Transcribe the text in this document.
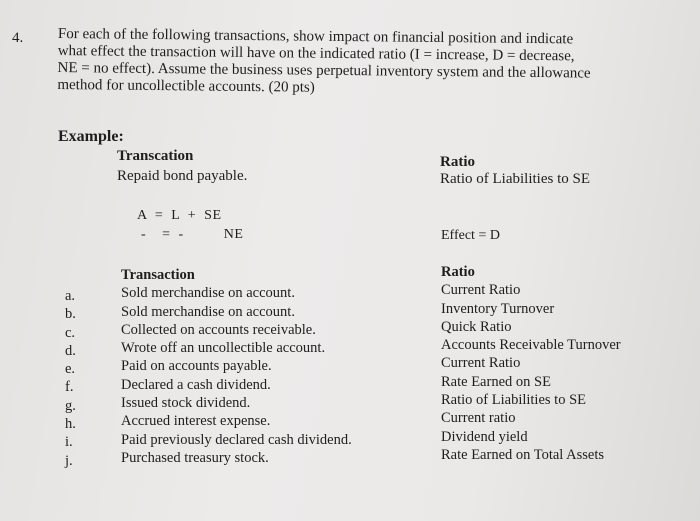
4. For each of the following transactions, show impact on financial position and indicate
what effect the transaction will have on the indicated ratio (I = increase, D = decrease,
NE = no effect). Assume the business uses perpetual inventory system and the allowance
method for uncollectible accounts. (20 pts)
Example:
Transcation
Repaid bond payable.
Ratio
Ratio of Liabilities to SE
A  =  L  +  SE
-    =  -          NE	Effect = D
a.
b.
c.
d.
e.
f.
g.
h.
i.
j.
Transaction
Sold merchandise on account.
Sold merchandise on account.
Collected on accounts receivable.
Wrote off an uncollectible account.
Paid on accounts payable.
Declared a cash dividend.
Issued stock dividend.
Accrued interest expense.
Paid previously declared cash dividend.
Purchased treasury stock.
Ratio
Current Ratio
Inventory Turnover
Quick Ratio
Accounts Receivable Turnover
Current Ratio
Rate Earned on SE
Ratio of Liabilities to SE
Current ratio
Dividend yield
Rate Earned on Total Assets
